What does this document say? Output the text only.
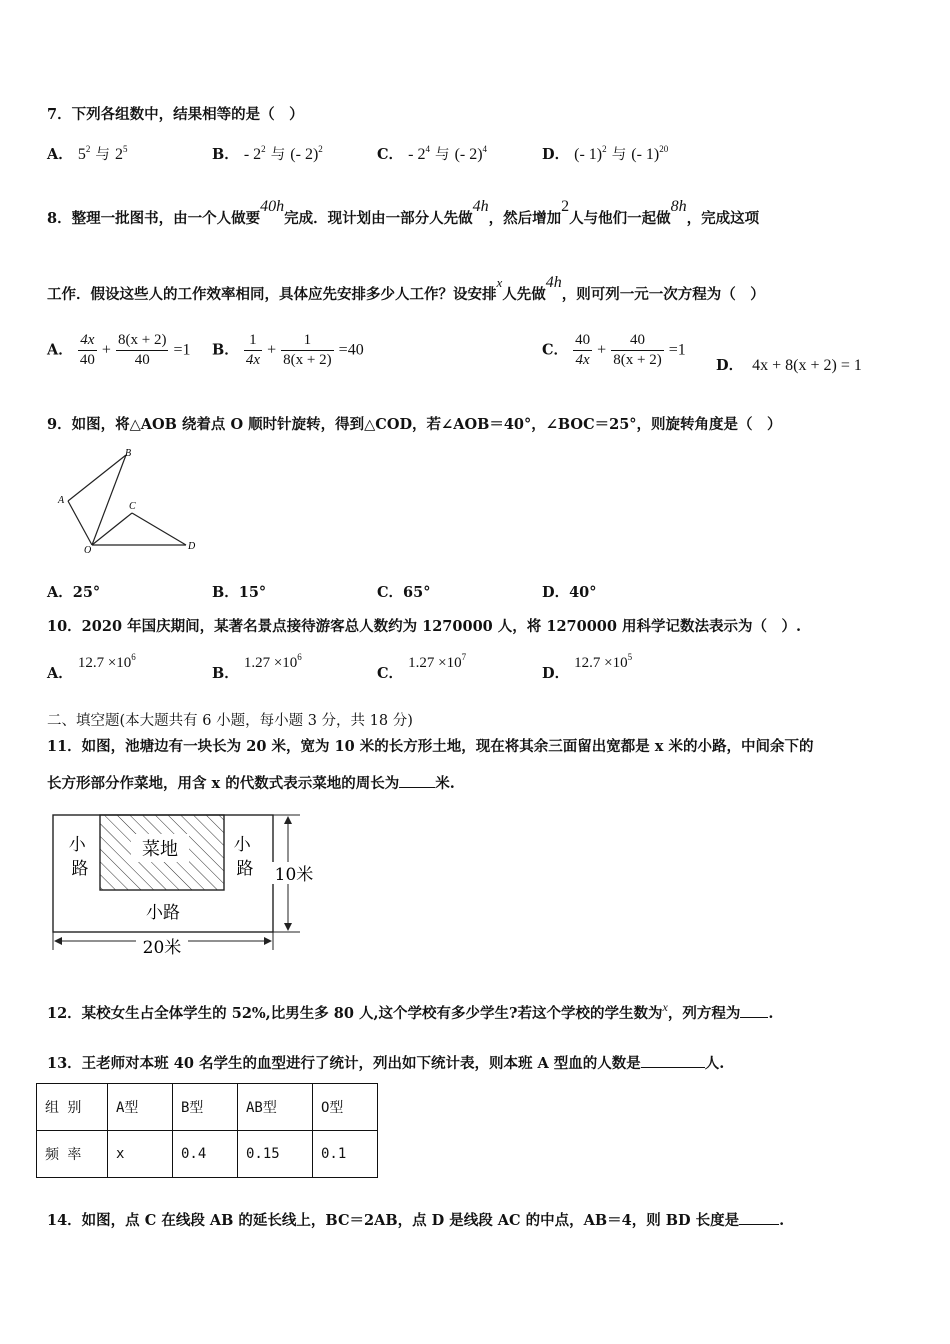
7．下列各组数中，结果相等的是（　）
A． $5^2$ 与 $2^5$	B． - $2^2$ 与 (- 2)$^2$	C． - $2^4$ 与 (- 2)$^4$	D． (- 1)$^2$ 与 (- 1)$^{20}$
8．整理一批图书，由一个人做要40h完成．现计划由一部分人先做4h，然后增加2人与他们一起做8h，完成这项
工作．假设这些人的工作效率相同，具体应先安排多少人工作？设安排x人先做4h，则可列一元一次方程为（　）
A． $\frac{4x}{40} + \frac{8(x + 2)}{40} =1$ B． $\frac{1}{4x} + \frac{1}{8(x + 2)} =40$	C． $\frac{40}{4x} + \frac{40}{8(x + 2)} =1$
D． 4x + 8(x + 2) = 1
9．如图，将△AOB 绕着点 O 顺时针旋转，得到△COD，若∠AOB＝40°，∠BOC＝25°，则旋转角度是（　）
A
B
C
O	D
A．25°	B．15°	C．65°	D．40°
10．2020 年国庆期间，某著名景点接待游客总人数约为 1270000 人，将 1270000 用科学记数法表示为（　）.
A． $12.7 \times 10^6$
B． $1.27 \times 10^6$
C． $1.27 \times 10^7$
D． $12.7 \times 10^5$
二、填空题(本大题共有 6 小题，每小题 3 分，共 18 分)
11．如图，池塘边有一块长为 20 米，宽为 10 米的长方形土地，现在将其余三面留出宽都是 x 米的小路，中间余下的
长方形部分作菜地，用含 x 的代数式表示菜地的周长为 米.
菜地
小 路
小 路
小路
10米
20米
12．某校女生占全体学生的 52%,比男生多 80 人,这个学校有多少学生?若这个学校的学生数为$^x$，列方程为 .
13．王老师对本班 40 名学生的血型进行了统计，列出如下统计表，则本班 A 型血的人数是	人.
组 别	A型	B型	AB型	O型
频 率	x	0.4	0.15	0.1
14．如图，点 C 在线段 AB 的延长线上，BC＝2AB，点 D 是线段 AC 的中点，AB＝4，则 BD 长度是	.
